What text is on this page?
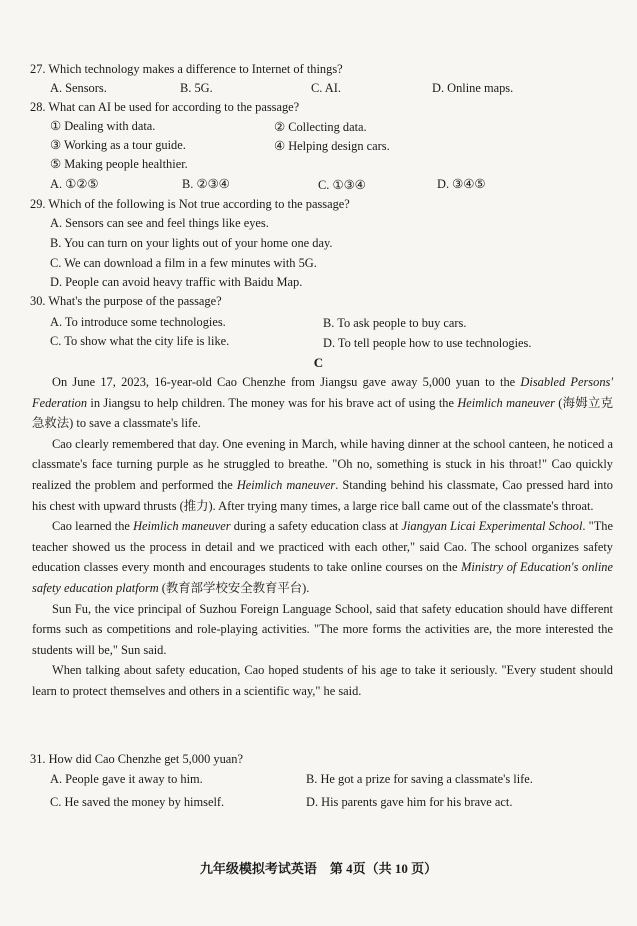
27. Which technology makes a difference to Internet of things?
A. Sensors.	B. 5G.	C. AI.	D. Online maps.
28. What can AI be used for according to the passage?
① Dealing with data.	② Collecting data.
③ Working as a tour guide.	④ Helping design cars.
⑤ Making people healthier.
A. ①②⑤	B. ②③④	C. ①③④	D. ③④⑤
29. Which of the following is Not true according to the passage?
A. Sensors can see and feel things like eyes.
B. You can turn on your lights out of your home one day.
C. We can download a film in a few minutes with 5G.
D. People can avoid heavy traffic with Baidu Map.
30. What's the purpose of the passage?
A. To introduce some technologies.	B. To ask people to buy cars.
C. To show what the city life is like.	D. To tell people how to use technologies.
C

On June 17, 2023, 16-year-old Cao Chenzhe from Jiangsu gave away 5,000 yuan to the Disabled Persons' Federation in Jiangsu to help children. The money was for his brave act of using the Heimlich maneuver (海姆立克急救法) to save a classmate's life.

Cao clearly remembered that day. One evening in March, while having dinner at the school canteen, he noticed a classmate's face turning purple as he struggled to breathe. "Oh no, something is stuck in his throat!" Cao quickly realized the problem and performed the Heimlich maneuver. Standing behind his classmate, Cao pressed hard into his chest with upward thrusts (推力). After trying many times, a large rice ball came out of the classmate's throat.

Cao learned the Heimlich maneuver during a safety education class at Jiangyan Licai Experimental School. "The teacher showed us the process in detail and we practiced with each other," said Cao. The school organizes safety education classes every month and encourages students to take online courses on the Ministry of Education's online safety education platform (教育部学校安全教育平台).

Sun Fu, the vice principal of Suzhou Foreign Language School, said that safety education should have different forms such as competitions and role-playing activities. "The more forms the activities are, the more interested the students will be," Sun said.

When talking about safety education, Cao hoped students of his age to take it seriously. "Every student should learn to protect themselves and others in a scientific way," he said.

31. How did Cao Chenzhe get 5,000 yuan?
A. People gave it away to him.	B. He got a prize for saving a classmate's life.
C. He saved the money by himself.	D. His parents gave him for his brave act.
九年级模拟考试英语　第 4页（共 10 页）
